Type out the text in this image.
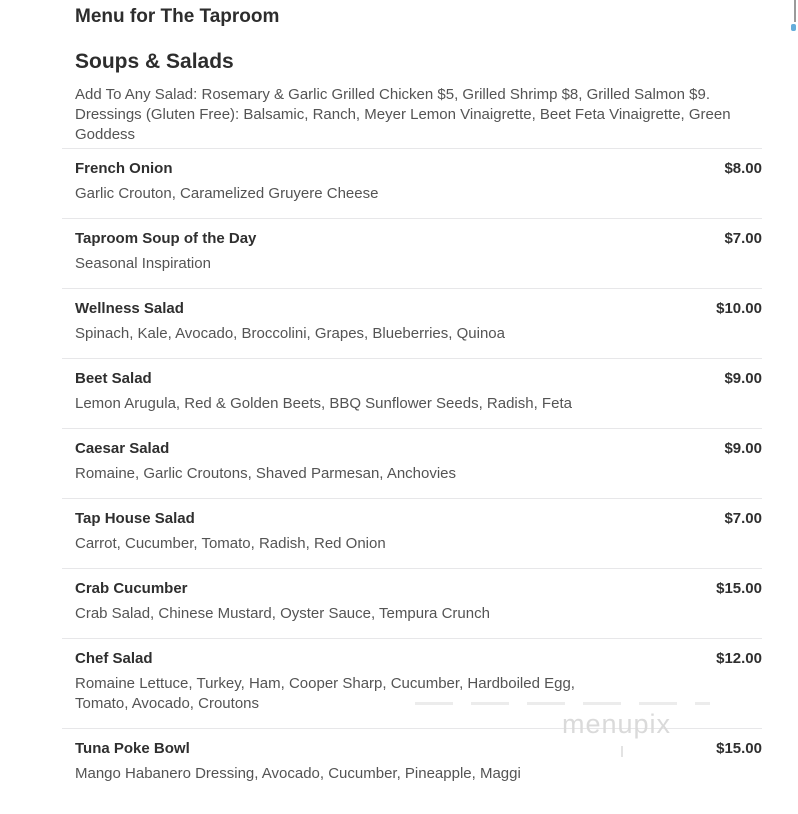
menupix
Menu for The Taproom
Soups & Salads
Add To Any Salad: Rosemary & Garlic Grilled Chicken $5, Grilled Shrimp $8, Grilled Salmon $9.
Dressings (Gluten Free): Balsamic, Ranch, Meyer Lemon Vinaigrette, Beet Feta Vinaigrette, Green
Goddess
French Onion	$8.00
Garlic Crouton, Caramelized Gruyere Cheese
Taproom Soup of the Day	$7.00
Seasonal Inspiration
Wellness Salad	$10.00
Spinach, Kale, Avocado, Broccolini, Grapes, Blueberries, Quinoa
Beet Salad	$9.00
Lemon Arugula, Red & Golden Beets, BBQ Sunflower Seeds, Radish, Feta
Caesar Salad	$9.00
Romaine, Garlic Croutons, Shaved Parmesan, Anchovies
Tap House Salad	$7.00
Carrot, Cucumber, Tomato, Radish, Red Onion
Crab Cucumber	$15.00
Crab Salad, Chinese Mustard, Oyster Sauce, Tempura Crunch
Chef Salad	$12.00
Romaine Lettuce, Turkey, Ham, Cooper Sharp, Cucumber, Hardboiled Egg,
Tomato, Avocado, Croutons
Tuna Poke Bowl	$15.00
Mango Habanero Dressing, Avocado, Cucumber, Pineapple, Maggi
